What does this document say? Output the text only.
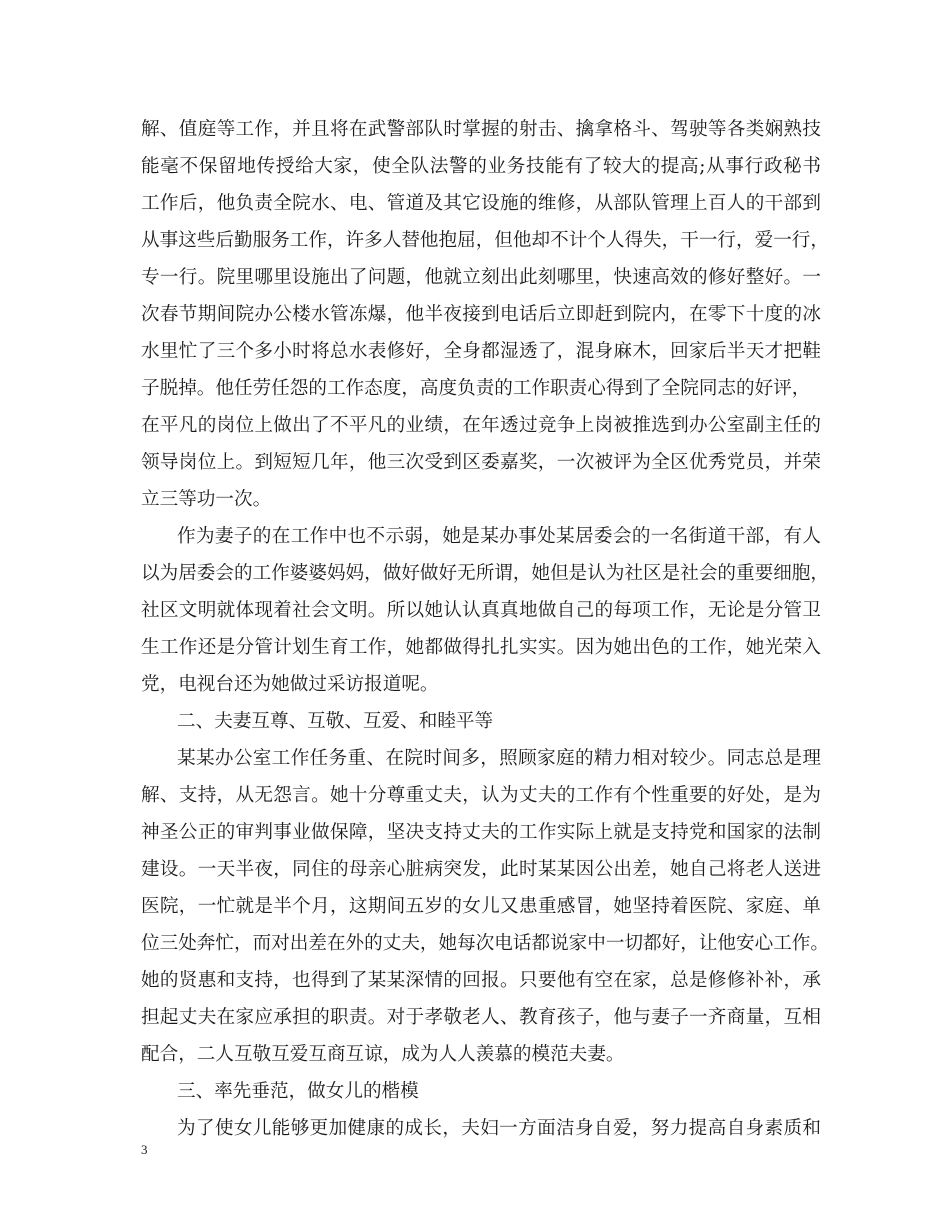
解、值庭等工作，并且将在武警部队时掌握的射击、擒拿格斗、驾驶等各类娴熟技

能毫不保留地传授给大家，使全队法警的业务技能有了较大的提高;从事行政秘书

工作后，他负责全院水、电、管道及其它设施的维修，从部队管理上百人的干部到

从事这些后勤服务工作，许多人替他抱屈，但他却不计个人得失，干一行，爱一行，

专一行。院里哪里设施出了问题，他就立刻出此刻哪里，快速高效的修好整好。一

次春节期间院办公楼水管冻爆，他半夜接到电话后立即赶到院内，在零下十度的冰

水里忙了三个多小时将总水表修好，全身都湿透了，混身麻木，回家后半天才把鞋

子脱掉。他任劳任怨的工作态度，高度负责的工作职责心得到了全院同志的好评，

在平凡的岗位上做出了不平凡的业绩，在年透过竞争上岗被推选到办公室副主任的

领导岗位上。到短短几年，他三次受到区委嘉奖，一次被评为全区优秀党员，并荣

立三等功一次。

作为妻子的在工作中也不示弱，她是某办事处某居委会的一名街道干部，有人

以为居委会的工作婆婆妈妈，做好做好无所谓，她但是认为社区是社会的重要细胞，

社区文明就体现着社会文明。所以她认认真真地做自己的每项工作，无论是分管卫

生工作还是分管计划生育工作，她都做得扎扎实实。因为她出色的工作，她光荣入

党，电视台还为她做过采访报道呢。

二、夫妻互尊、互敬、互爱、和睦平等

某某办公室工作任务重、在院时间多，照顾家庭的精力相对较少。同志总是理

解、支持，从无怨言。她十分尊重丈夫，认为丈夫的工作有个性重要的好处，是为

神圣公正的审判事业做保障，坚决支持丈夫的工作实际上就是支持党和国家的法制

建设。一天半夜，同住的母亲心脏病突发，此时某某因公出差，她自己将老人送进

医院，一忙就是半个月，这期间五岁的女儿又患重感冒，她坚持着医院、家庭、单

位三处奔忙，而对出差在外的丈夫，她每次电话都说家中一切都好，让他安心工作。

她的贤惠和支持，也得到了某某深情的回报。只要他有空在家，总是修修补补，承

担起丈夫在家应承担的职责。对于孝敬老人、教育孩子，他与妻子一齐商量，互相

配合，二人互敬互爱互商互谅，成为人人羡慕的模范夫妻。

三、率先垂范，做女儿的楷模

为了使女儿能够更加健康的成长，夫妇一方面洁身自爱，努力提高自身素质和

3
